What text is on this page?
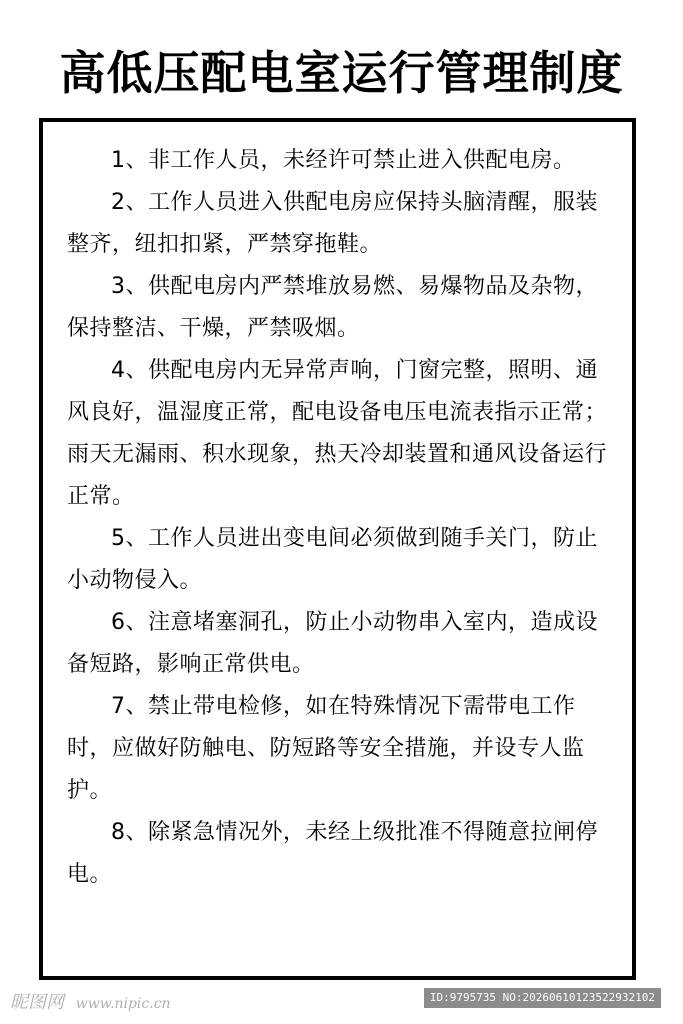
高低压配电室运行管理制度

1、非工作人员，未经许可禁止进入供配电房。

2、工作人员进入供配电房应保持头脑清醒，服装整齐，纽扣扣紧，严禁穿拖鞋。

3、供配电房内严禁堆放易燃、易爆物品及杂物，保持整洁、干燥，严禁吸烟。

4、供配电房内无异常声响，门窗完整，照明、通风良好，温湿度正常，配电设备电压电流表指示正常；雨天无漏雨、积水现象，热天冷却装置和通风设备运行正常。

5、工作人员进出变电间必须做到随手关门，防止小动物侵入。

6、注意堵塞洞孔，防止小动物串入室内，造成设备短路，影响正常供电。

7、禁止带电检修，如在特殊情况下需带电工作时，应做好防触电、防短路等安全措施，并设专人监护。

8、除紧急情况外，未经上级批准不得随意拉闸停电。

昵图网 www.nipic.cn	ID:9795735 NO:20260610123522932102
